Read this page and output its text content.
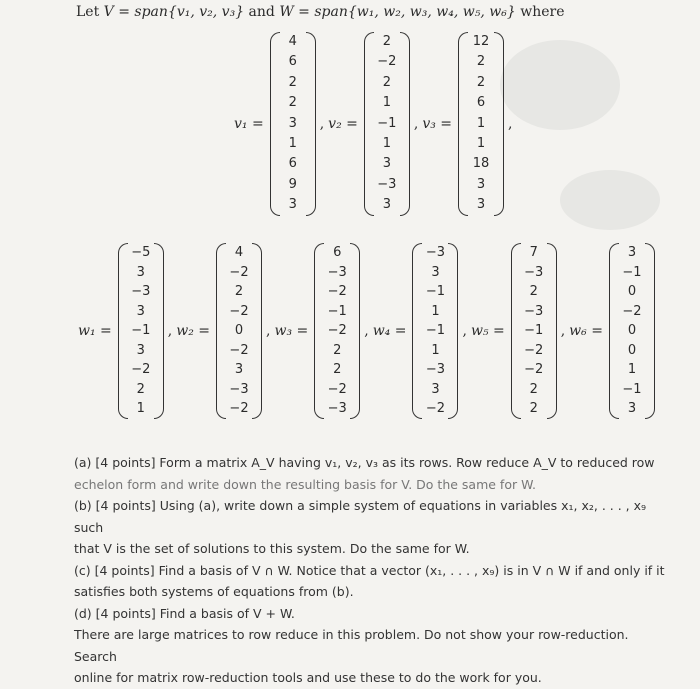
Let V = span{v₁, v₂, v₃} and W = span{w₁, w₂, w₃, w₄, w₅, w₆} where
v₁ =
4
6
2
2
3
1
6
9
3
, v₂ =
2
−2
2
1
−1
1
3
−3
3
, v₃ =
12
2
2
6
1
1
18
3
3
,
w₁ =
−5
3
−3
3
−1
3
−2
2
1
, w₂ =
4
−2
2
−2
0
−2
3
−3
−2
, w₃ =
6
−3
−2
−1
−2
2
2
−2
−3
, w₄ =
−3
3
−1
1
−1
1
−3
3
−2
, w₅ =
7
−3
2
−3
−1
−2
−2
2
2
, w₆ =
3
−1
0
−2
0
0
1
−1
3

(a) [4 points] Form a matrix A_V having v₁, v₂, v₃ as its rows. Row reduce A_V to reduced row

echelon form and write down the resulting basis for V. Do the same for W.

(b) [4 points] Using (a), write down a simple system of equations in variables x₁, x₂, . . . , x₉ such

that V is the set of solutions to this system. Do the same for W.

(c) [4 points] Find a basis of V ∩ W. Notice that a vector (x₁, . . . , x₉) is in V ∩ W if and only if it

satisfies both systems of equations from (b).

(d) [4 points] Find a basis of V + W.

There are large matrices to row reduce in this problem. Do not show your row-reduction. Search

online for matrix row-reduction tools and use these to do the work for you.
